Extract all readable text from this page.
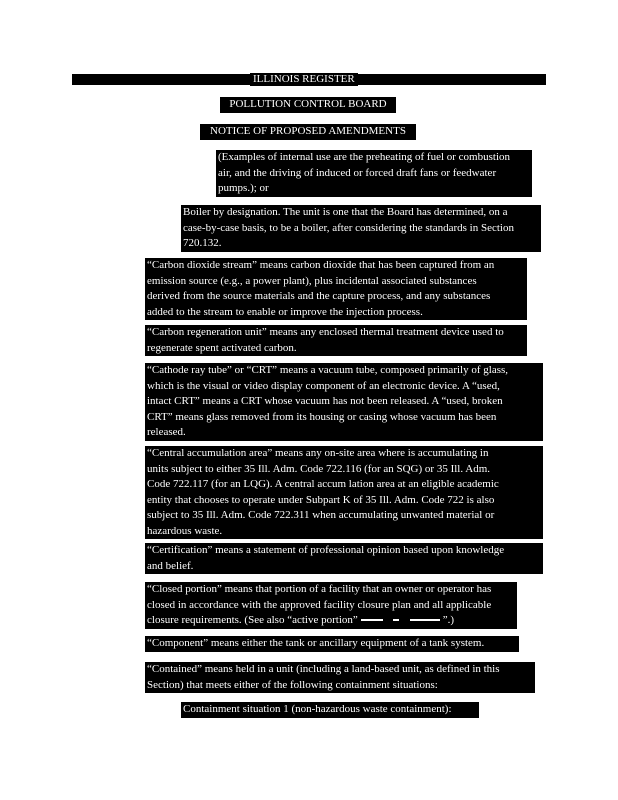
ILLINOIS REGISTER
POLLUTION CONTROL BOARD
NOTICE OF PROPOSED AMENDMENTS
(Examples of internal use are the preheating of fuel or combustion
air, and the driving of induced or forced draft fans or feedwater
pumps.); or
Boiler by designation. The unit is one that the Board has determined, on a
case-by-case basis, to be a boiler, after considering the standards in Section
720.132.
“Carbon dioxide stream” means carbon dioxide that has been captured from an
emission source (e.g., a power plant), plus incidental associated substances
derived from the source materials and the capture process, and any substances
added to the stream to enable or improve the injection process.
“Carbon regeneration unit” means any enclosed thermal treatment device used to
regenerate spent activated carbon.
“Cathode ray tube” or “CRT” means a vacuum tube, composed primarily of glass,
which is the visual or video display component of an electronic device. A “used,
intact CRT” means a CRT whose vacuum has not been released. A “used, broken
CRT” means glass removed from its housing or casing whose vacuum has been
released.
“Central accumulation area” means any on-site area where is accumulating in
units subject to either 35 Ill. Adm. Code 722.116 (for an SQG) or 35 Ill. Adm.
Code 722.117 (for an LQG). A central accum lation area at an eligible academic
entity that chooses to operate under Subpart K of 35 Ill. Adm. Code 722 is also
subject to 35 Ill. Adm. Code 722.311 when accumulating unwanted material or
hazardous waste.
“Certification” means a statement of professional opinion based upon knowledge
and belief.
“Closed portion” means that portion of a facility that an owner or operator has
closed in accordance with the approved facility closure plan and all applicable
closure requirements. (See also “active portion”	”.)
“Component” means either the tank or ancillary equipment of a tank system.
“Contained” means held in a unit (including a land-based unit, as defined in this
Section) that meets either of the following containment situations:
Containment situation 1 (non-hazardous waste containment):
